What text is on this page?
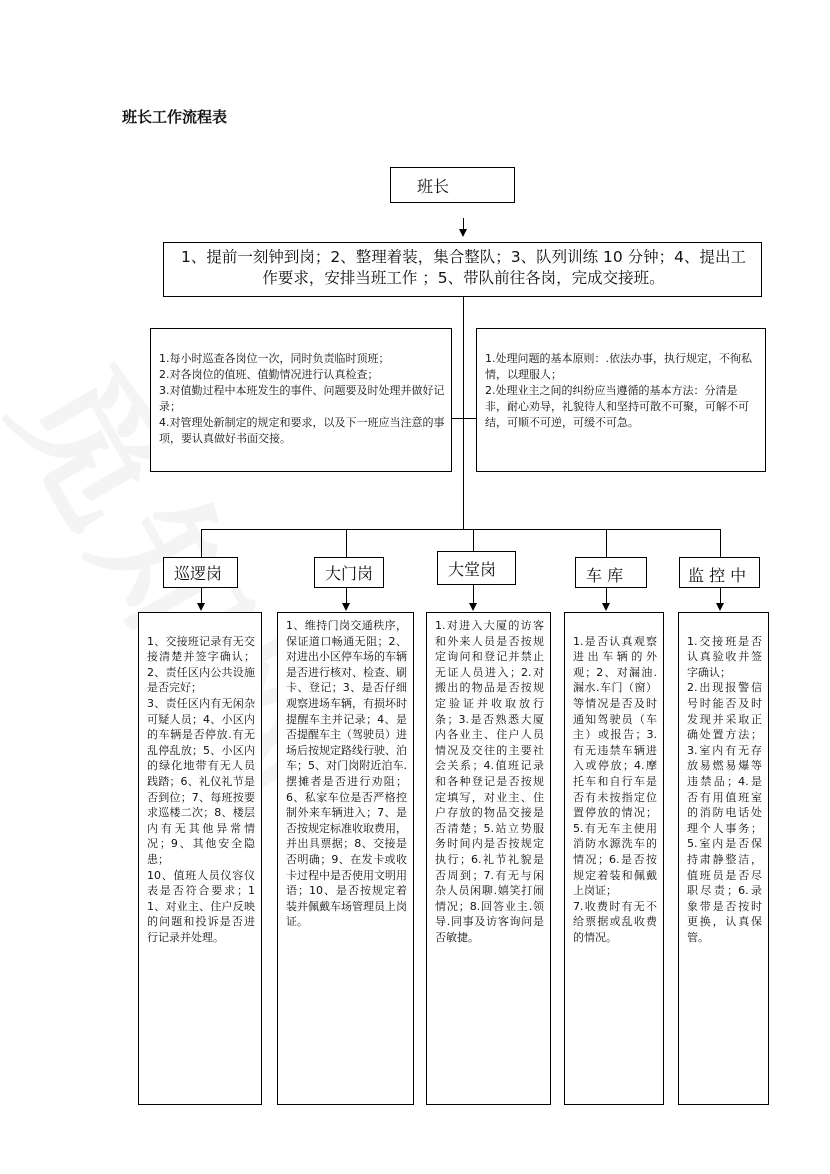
班长工作流程表
班长
1、提前一刻钟到岗；2、整理着装，集合整队；3、队列训练 10 分钟；4、提出工作要求，安排当班工作 ；5、带队前往各岗，完成交接班。

1.每小时巡查各岗位一次，同时负责临时顶班；
2.对各岗位的值班、值勤情况进行认真检查；
3.对值勤过程中本班发生的事件、问题要及时处理并做好记录；
4.对管理处新制定的规定和要求，以及下一班应当注意的事项，要认真做好书面交接。

1.处理问题的基本原则：.依法办事，执行规定，不徇私情，以理服人；
2.处理业主之间的纠纷应当遵循的基本方法：分清是非，耐心劝导，礼貌待人和坚持可散不可聚，可解不可结，可顺不可逆，可缓不可急。

巡逻岗	大门岗	大堂岗	车 库	监 控 中

1、交接班记录有无交接清楚并签字确认；2、责任区内公共设施是否完好；
3、责任区内有无闲杂可疑人员；4、小区内的车辆是否停放.有无乱停乱放；5、小区内的绿化地带有无人员践踏；6、礼仪礼节是否到位；7、每班按要求巡楼二次；8、楼层内有无其他异常情况；9、其他安全隐患；
10、值班人员仪容仪表是否符合要求；11、对业主、住户反映的问题和投诉是否进行记录并处理。

1、维持门岗交通秩序，保证道口畅通无阻；2、对进出小区停车场的车辆是否进行核对、检查、刷卡、登记；3、是否仔细观察进场车辆，有损坏时提醒车主并记录；4、是否提醒车主（驾驶员）进场后按规定路线行驶、泊车；5、对门岗附近泊车.摆摊者是否进行劝阻；6、私家车位是否严格控制外来车辆进入；7、是否按规定标准收取费用，并出具票据；8、交接是否明确；9、在发卡或收卡过程中是否使用文明用语；10、是否按规定着装并佩戴车场管理员上岗证。
1.对进入大厦的访客和外来人员是否按规定询问和登记并禁止无证人员进入；2.对搬出的物品是否按规定验证并收取放行条；3.是否熟悉大厦内各业主、住户人员情况及交往的主要社会关系；4.值班记录和各种登记是否按规定填写，对业主、住户存放的物品交接是否清楚；5.站立势服务时间内是否按规定执行；6.礼节礼貌是否周到；7.有无与闲杂人员闲聊.嬉笑打闹情况；8.回答业主.领导.同事及访客询问是否敏捷。

1.是否认真观察进出车辆的外观；2、对漏油.漏水.车门（窗）等情况是否及时通知驾驶员（车主）或报告；3.有无违禁车辆进入或停放；4.摩托车和自行车是否有未按指定位置停放的情况；5.有无车主使用消防水源洗车的情况；6.是否按规定着装和佩戴上岗证；
7.收费时有无不给票据或乱收费的情况。

1.交接班是否认真验收并签字确认；
2.出现报警信号时能否及时发现并采取正确处置方法；3.室内有无存放易燃易爆等违禁品；4.是否有用值班室的消防电话处理个人事务；5.室内是否保持肃静整洁，值班员是否尽职尽责；6.录象带是否按时更换，认真保管。
